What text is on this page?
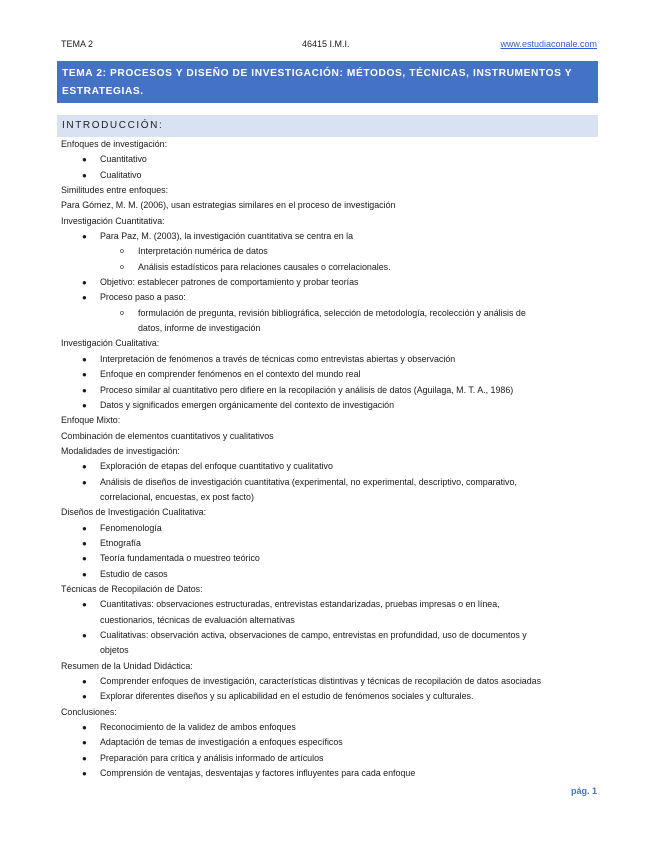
TEMA 2	46415 I.M.I.	www.estudiaconale.com
TEMA 2: PROCESOS Y DISEÑO DE INVESTIGACIÓN: MÉTODOS, TÉCNICAS, INSTRUMENTOS Y ESTRATEGIAS.
INTRODUCCIÓN:
Enfoques de investigación:
● Cuantitativo
● Cualitativo
Similitudes entre enfoques:
Para Gómez, M. M. (2006), usan estrategias similares en el proceso de investigación
Investigación Cuantitativa:
● Para Paz, M. (2003), la investigación cuantitativa se centra en la
o Interpretación numérica de datos
o Análisis estadísticos para relaciones causales o correlacionales.
● Objetivo: establecer patrones de comportamiento y probar teorías
● Proceso paso a paso:
o formulación de pregunta, revisión bibliográfica, selección de metodología, recolección y análisis de
datos, informe de investigación
Investigación Cualitativa:
● Interpretación de fenómenos a través de técnicas como entrevistas abiertas y observación
● Enfoque en comprender fenómenos en el contexto del mundo real
● Proceso similar al cuantitativo pero difiere en la recopilación y análisis de datos (Aguilaga, M. T. A., 1986)
● Datos y significados emergen orgánicamente del contexto de investigación
Enfoque Mixto:
Combinación de elementos cuantitativos y cualitativos
Modalidades de investigación:
● Exploración de etapas del enfoque cuantitativo y cualitativo
● Análisis de diseños de investigación cuantitativa (experimental, no experimental, descriptivo, comparativo,
correlacional, encuestas, ex post facto)
Diseños de Investigación Cualitativa:
● Fenomenología
● Etnografía
● Teoría fundamentada o muestreo teórico
● Estudio de casos
Técnicas de Recopilación de Datos:
● Cuantitativas: observaciones estructuradas, entrevistas estandarizadas, pruebas impresas o en línea,
cuestionarios, técnicas de evaluación alternativas
● Cualitativas: observación activa, observaciones de campo, entrevistas en profundidad, uso de documentos y
objetos
Resumen de la Unidad Didáctica:
● Comprender enfoques de investigación, características distintivas y técnicas de recopilación de datos asociadas
● Explorar diferentes diseños y su aplicabilidad en el estudio de fenómenos sociales y culturales.
Conclusiones:
● Reconocimiento de la validez de ambos enfoques
● Adaptación de temas de investigación a enfoques específicos
● Preparación para crítica y análisis informado de artículos
● Comprensión de ventajas, desventajas y factores influyentes para cada enfoque
pág. 1
